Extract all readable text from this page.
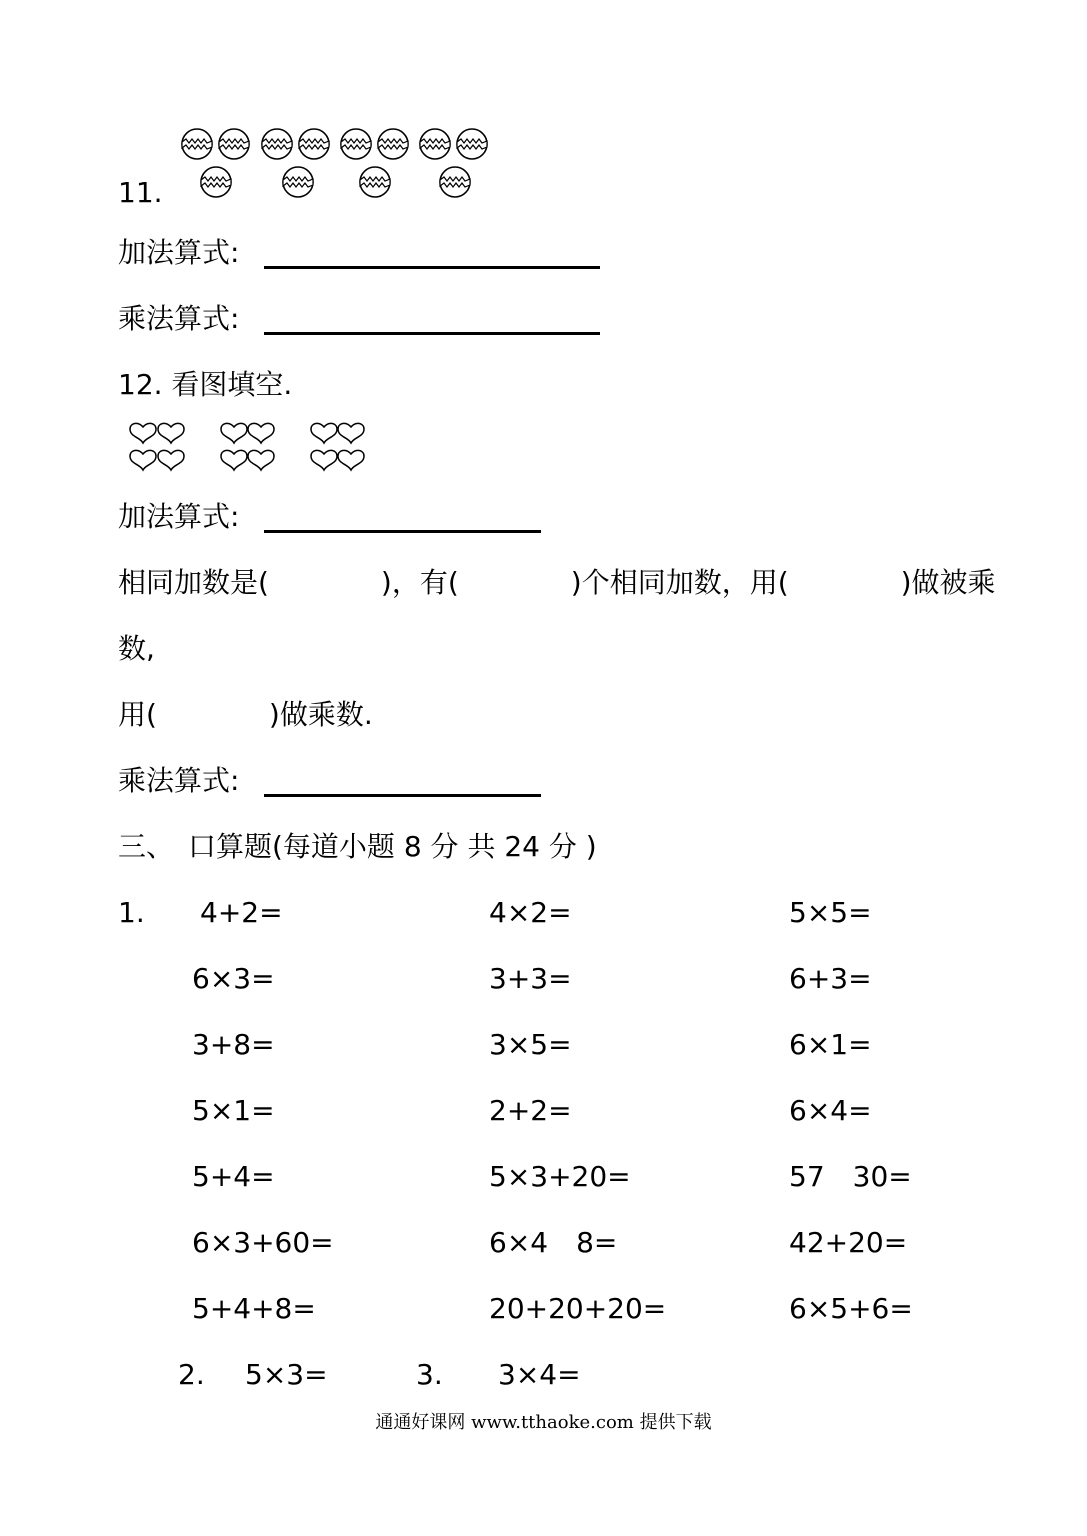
11.
加法算式:
乘法算式:
12. 看图填空.
加法算式:
相同加数是(　　　　)，有(　　　　)个相同加数，用(　　　　)做被乘
数,
用(　　　　)做乘数.
乘法算式:
三、　口算题(每道小题 8 分 共 24 分 )
1. 4+2=	4×2=	5×5=
6×3=	3+3=	6+3=
3+8=	3×5=	6×1=
5×1=	2+2=	6×4=
5+4=	5×3+20=	57　30=
6×3+60=	6×4　8=	42+20=
5+4+8=	20+20+20=	6×5+6=
2. 5×3=	3. 3×4=
通通好课网 www.tthaoke.com 提供下载
